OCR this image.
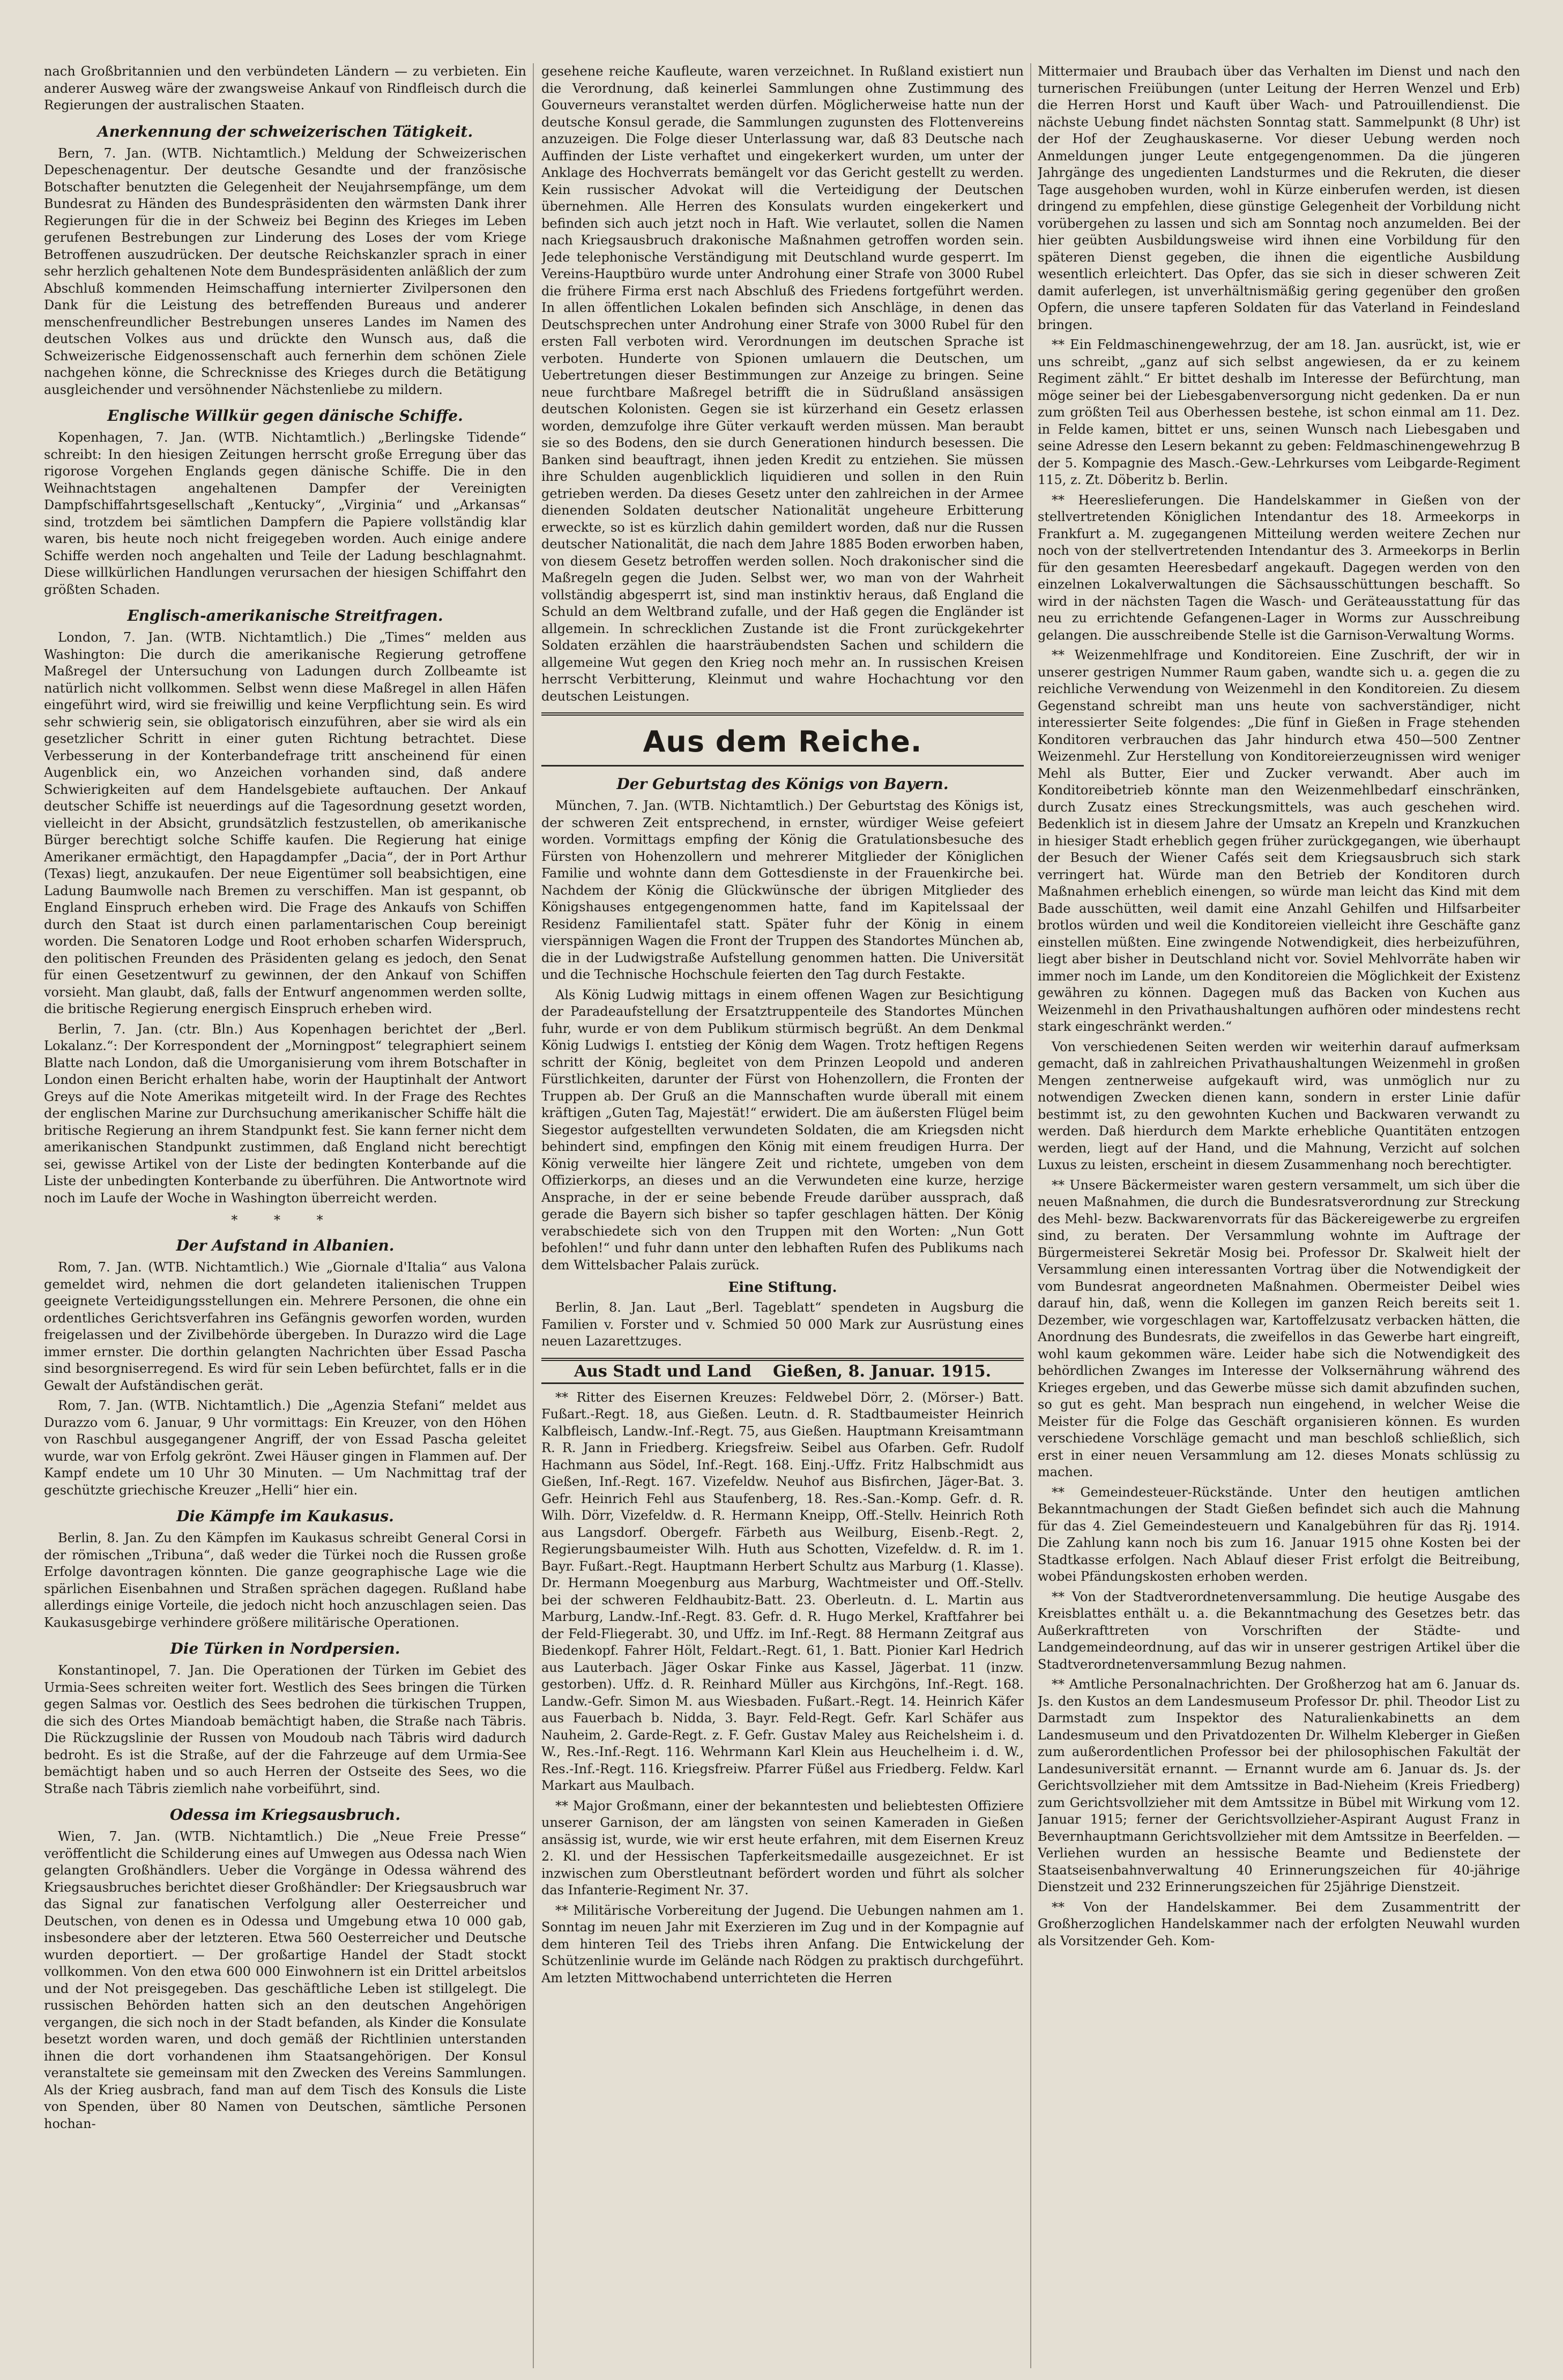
nach Großbritannien und den verbündeten Ländern — zu verbieten. Ein anderer Ausweg wäre der zwangsweise Ankauf von Rindfleisch durch die Regierungen der australischen Staaten.

Anerkennung der schweizerischen Tätigkeit.

Bern, 7. Jan. (WTB. Nichtamtlich.) Meldung der Schweizerischen Depeschenagentur. Der deutsche Gesandte und der französische Botschafter benutzten die Gelegenheit der Neujahrsempfänge, um dem Bundesrat zu Händen des Bundespräsidenten den wärmsten Dank ihrer Regierungen für die in der Schweiz bei Beginn des Krieges im Leben gerufenen Bestrebungen zur Linderung des Loses der vom Kriege Betroffenen auszudrücken. Der deutsche Reichskanzler sprach in einer sehr herzlich gehaltenen Note dem Bundespräsidenten anläßlich der zum Abschluß kommenden Heimschaffung internierter Zivilpersonen den Dank für die Leistung des betreffenden Bureaus und anderer menschenfreundlicher Bestrebungen unseres Landes im Namen des deutschen Volkes aus und drückte den Wunsch aus, daß die Schweizerische Eidgenossenschaft auch fernerhin dem schönen Ziele nachgehen könne, die Schrecknisse des Krieges durch die Betätigung ausgleichender und versöhnender Nächstenliebe zu mildern.

Englische Willkür gegen dänische Schiffe.

Kopenhagen, 7. Jan. (WTB. Nichtamtlich.) „Berlingske Tidende“ schreibt: In den hiesigen Zeitungen herrscht große Erregung über das rigorose Vorgehen Englands gegen dänische Schiffe. Die in den Weihnachtstagen angehaltenen Dampfer der Vereinigten Dampfschiffahrtsgesellschaft „Kentucky“, „Virginia“ und „Arkansas“ sind, trotzdem bei sämtlichen Dampfern die Papiere vollständig klar waren, bis heute noch nicht freigegeben worden. Auch einige andere Schiffe werden noch angehalten und Teile der Ladung beschlagnahmt. Diese willkürlichen Handlungen verursachen der hiesigen Schiffahrt den größten Schaden.

Englisch-amerikanische Streitfragen.

London, 7. Jan. (WTB. Nichtamtlich.) Die „Times“ melden aus Washington: Die durch die amerikanische Regierung getroffene Maßregel der Untersuchung von Ladungen durch Zollbeamte ist natürlich nicht vollkommen. Selbst wenn diese Maßregel in allen Häfen eingeführt wird, wird sie freiwillig und keine Verpflichtung sein. Es wird sehr schwierig sein, sie obligatorisch einzuführen, aber sie wird als ein gesetzlicher Schritt in einer guten Richtung betrachtet. Diese Verbesserung in der Konterbandefrage tritt anscheinend für einen Augenblick ein, wo Anzeichen vorhanden sind, daß andere Schwierigkeiten auf dem Handelsgebiete auftauchen. Der Ankauf deutscher Schiffe ist neuerdings auf die Tagesordnung gesetzt worden, vielleicht in der Absicht, grundsätzlich festzustellen, ob amerikanische Bürger berechtigt solche Schiffe kaufen. Die Regierung hat einige Amerikaner ermächtigt, den Hapagdampfer „Dacia“, der in Port Arthur (Texas) liegt, anzukaufen. Der neue Eigentümer soll beabsichtigen, eine Ladung Baumwolle nach Bremen zu verschiffen. Man ist gespannt, ob England Einspruch erheben wird. Die Frage des Ankaufs von Schiffen durch den Staat ist durch einen parlamentarischen Coup bereinigt worden. Die Senatoren Lodge und Root erhoben scharfen Widerspruch, den politischen Freunden des Präsidenten gelang es jedoch, den Senat für einen Gesetzentwurf zu gewinnen, der den Ankauf von Schiffen vorsieht. Man glaubt, daß, falls der Entwurf angenommen werden sollte, die britische Regierung energisch Einspruch erheben wird.

Berlin, 7. Jan. (ctr. Bln.) Aus Kopenhagen berichtet der „Berl. Lokalanz.“: Der Korrespondent der „Morningpost“ telegraphiert seinem Blatte nach London, daß die Umorganisierung vom ihrem Botschafter in London einen Bericht erhalten habe, worin der Hauptinhalt der Antwort Greys auf die Note Amerikas mitgeteilt wird. In der Frage des Rechtes der englischen Marine zur Durchsuchung amerikanischer Schiffe hält die britische Regierung an ihrem Standpunkt fest. Sie kann ferner nicht dem amerikanischen Standpunkt zustimmen, daß England nicht berechtigt sei, gewisse Artikel von der Liste der bedingten Konterbande auf die Liste der unbedingten Konterbande zu überführen. Die Antwortnote wird noch im Laufe der Woche in Washington überreicht werden.

* * *
Der Aufstand in Albanien.

Rom, 7. Jan. (WTB. Nichtamtlich.) Wie „Giornale d'Italia“ aus Valona gemeldet wird, nehmen die dort gelandeten italienischen Truppen geeignete Verteidigungsstellungen ein. Mehrere Personen, die ohne ein ordentliches Gerichtsverfahren ins Gefängnis geworfen worden, wurden freigelassen und der Zivilbehörde übergeben. In Durazzo wird die Lage immer ernster. Die dorthin gelangten Nachrichten über Essad Pascha sind besorgniserregend. Es wird für sein Leben befürchtet, falls er in die Gewalt der Aufständischen gerät.

Rom, 7. Jan. (WTB. Nichtamtlich.) Die „Agenzia Stefani“ meldet aus Durazzo vom 6. Januar, 9 Uhr vormittags: Ein Kreuzer, von den Höhen von Raschbul ausgegangener Angriff, der von Essad Pascha geleitet wurde, war von Erfolg gekrönt. Zwei Häuser gingen in Flammen auf. Der Kampf endete um 10 Uhr 30 Minuten. — Um Nachmittag traf der geschützte griechische Kreuzer „Helli“ hier ein.

Die Kämpfe im Kaukasus.

Berlin, 8. Jan. Zu den Kämpfen im Kaukasus schreibt General Corsi in der römischen „Tribuna“, daß weder die Türkei noch die Russen große Erfolge davontragen könnten. Die ganze geographische Lage wie die spärlichen Eisenbahnen und Straßen sprächen dagegen. Rußland habe allerdings einige Vorteile, die jedoch nicht hoch anzuschlagen seien. Das Kaukasusgebirge verhindere größere militärische Operationen.

Die Türken in Nordpersien.

Konstantinopel, 7. Jan. Die Operationen der Türken im Gebiet des Urmia-Sees schreiten weiter fort. Westlich des Sees bringen die Türken gegen Salmas vor. Oestlich des Sees bedrohen die türkischen Truppen, die sich des Ortes Miandoab bemächtigt haben, die Straße nach Täbris. Die Rückzugslinie der Russen von Moudoub nach Täbris wird dadurch bedroht. Es ist die Straße, auf der die Fahrzeuge auf dem Urmia-See bemächtigt haben und so auch Herren der Ostseite des Sees, wo die Straße nach Täbris ziemlich nahe vorbeiführt, sind.

Odessa im Kriegsausbruch.

Wien, 7. Jan. (WTB. Nichtamtlich.) Die „Neue Freie Presse“ veröffentlicht die Schilderung eines auf Umwegen aus Odessa nach Wien gelangten Großhändlers. Ueber die Vorgänge in Odessa während des Kriegsausbruches berichtet dieser Großhändler: Der Kriegsausbruch war das Signal zur fanatischen Verfolgung aller Oesterreicher und Deutschen, von denen es in Odessa und Umgebung etwa 10 000 gab, insbesondere aber der letzteren. Etwa 560 Oesterreicher und Deutsche wurden deportiert. — Der großartige Handel der Stadt stockt vollkommen. Von den etwa 600 000 Einwohnern ist ein Drittel arbeitslos und der Not preisgegeben. Das geschäftliche Leben ist stillgelegt. Die russischen Behörden hatten sich an den deutschen Angehörigen vergangen, die sich noch in der Stadt befanden, als Kinder die Konsulate besetzt worden waren, und doch gemäß der Richtlinien unterstanden ihnen die dort vorhandenen ihm Staatsangehörigen. Der Konsul veranstaltete sie gemeinsam mit den Zwecken des Vereins Sammlungen. Als der Krieg ausbrach, fand man auf dem Tisch des Konsuls die Liste von Spenden, über 80 Namen von Deutschen, sämtliche Personen hochan-

gesehene reiche Kaufleute, waren verzeichnet. In Rußland existiert nun die Verordnung, daß keinerlei Sammlungen ohne Zustimmung des Gouverneurs veranstaltet werden dürfen. Möglicherweise hatte nun der deutsche Konsul gerade, die Sammlungen zugunsten des Flottenvereins anzuzeigen. Die Folge dieser Unterlassung war, daß 83 Deutsche nach Auffinden der Liste verhaftet und eingekerkert wurden, um unter der Anklage des Hochverrats bemängelt vor das Gericht gestellt zu werden. Kein russischer Advokat will die Verteidigung der Deutschen übernehmen. Alle Herren des Konsulats wurden eingekerkert und befinden sich auch jetzt noch in Haft. Wie verlautet, sollen die Namen nach Kriegsausbruch drakonische Maßnahmen getroffen worden sein. Jede telephonische Verständigung mit Deutschland wurde gesperrt. Im Vereins-Hauptbüro wurde unter Androhung einer Strafe von 3000 Rubel die frühere Firma erst nach Abschluß des Friedens fortgeführt werden. In allen öffentlichen Lokalen befinden sich Anschläge, in denen das Deutschsprechen unter Androhung einer Strafe von 3000 Rubel für den ersten Fall verboten wird. Verordnungen im deutschen Sprache ist verboten. Hunderte von Spionen umlauern die Deutschen, um Uebertretungen dieser Bestimmungen zur Anzeige zu bringen. Seine neue furchtbare Maßregel betrifft die in Südrußland ansässigen deutschen Kolonisten. Gegen sie ist kürzerhand ein Gesetz erlassen worden, demzufolge ihre Güter verkauft werden müssen. Man beraubt sie so des Bodens, den sie durch Generationen hindurch besessen. Die Banken sind beauftragt, ihnen jeden Kredit zu entziehen. Sie müssen ihre Schulden augenblicklich liquidieren und sollen in den Ruin getrieben werden. Da dieses Gesetz unter den zahlreichen in der Armee dienenden Soldaten deutscher Nationalität ungeheure Erbitterung erweckte, so ist es kürzlich dahin gemildert worden, daß nur die Russen deutscher Nationalität, die nach dem Jahre 1885 Boden erworben haben, von diesem Gesetz betroffen werden sollen. Noch drakonischer sind die Maßregeln gegen die Juden. Selbst wer, wo man von der Wahrheit vollständig abgesperrt ist, sind man instinktiv heraus, daß England die Schuld an dem Weltbrand zufalle, und der Haß gegen die Engländer ist allgemein. In schrecklichen Zustande ist die Front zurückgekehrter Soldaten erzählen die haarsträubendsten Sachen und schildern die allgemeine Wut gegen den Krieg noch mehr an. In russischen Kreisen herrscht Verbitterung, Kleinmut und wahre Hochachtung vor den deutschen Leistungen.

Aus dem Reiche.
Der Geburtstag des Königs von Bayern.

München, 7. Jan. (WTB. Nichtamtlich.) Der Geburtstag des Königs ist, der schweren Zeit entsprechend, in ernster, würdiger Weise gefeiert worden. Vormittags empfing der König die Gratulationsbesuche des Fürsten von Hohenzollern und mehrerer Mitglieder der Königlichen Familie und wohnte dann dem Gottesdienste in der Frauenkirche bei. Nachdem der König die Glückwünsche der übrigen Mitglieder des Königshauses entgegengenommen hatte, fand im Kapitelssaal der Residenz Familientafel statt. Später fuhr der König in einem vierspännigen Wagen die Front der Truppen des Standortes München ab, die in der Ludwigstraße Aufstellung genommen hatten. Die Universität und die Technische Hochschule feierten den Tag durch Festakte.

Als König Ludwig mittags in einem offenen Wagen zur Besichtigung der Paradeaufstellung der Ersatztruppenteile des Standortes München fuhr, wurde er von dem Publikum stürmisch begrüßt. An dem Denkmal König Ludwigs I. entstieg der König dem Wagen. Trotz heftigen Regens schritt der König, begleitet von dem Prinzen Leopold und anderen Fürstlichkeiten, darunter der Fürst von Hohenzollern, die Fronten der Truppen ab. Der Gruß an die Mannschaften wurde überall mit einem kräftigen „Guten Tag, Majestät!“ erwidert. Die am äußersten Flügel beim Siegestor aufgestellten verwundeten Soldaten, die am Kriegsden nicht behindert sind, empfingen den König mit einem freudigen Hurra. Der König verweilte hier längere Zeit und richtete, umgeben von dem Offizierkorps, an dieses und an die Verwundeten eine kurze, herzige Ansprache, in der er seine bebende Freude darüber aussprach, daß gerade die Bayern sich bisher so tapfer geschlagen hätten. Der König verabschiedete sich von den Truppen mit den Worten: „Nun Gott befohlen!“ und fuhr dann unter den lebhaften Rufen des Publikums nach dem Wittelsbacher Palais zurück.

Eine Stiftung.

Berlin, 8. Jan. Laut „Berl. Tageblatt“ spendeten in Augsburg die Familien v. Forster und v. Schmied 50 000 Mark zur Ausrüstung eines neuen Lazarettzuges.

Aus Stadt und Land Gießen, 8. Januar. 1915.

** Ritter des Eisernen Kreuzes: Feldwebel Dörr, 2. (Mörser-) Batt. Fußart.-Regt. 18, aus Gießen. Leutn. d. R. Stadtbaumeister Heinrich Kalbfleisch, Landw.-Inf.-Regt. 75, aus Gießen. Hauptmann Kreisamtmann R. R. Jann in Friedberg. Kriegsfreiw. Seibel aus Ofarben. Gefr. Rudolf Hachmann aus Södel, Inf.-Regt. 168. Einj.-Uffz. Fritz Halbschmidt aus Gießen, Inf.-Regt. 167. Vizefeldw. Neuhof aus Bisfirchen, Jäger-Bat. 3. Gefr. Heinrich Fehl aus Staufenberg, 18. Res.-San.-Komp. Gefr. d. R. Wilh. Dörr, Vizefeldw. d. R. Hermann Kneipp, Off.-Stellv. Heinrich Roth aus Langsdorf. Obergefr. Färbeth aus Weilburg, Eisenb.-Regt. 2, Regierungsbaumeister Wilh. Huth aus Schotten, Vizefeldw. d. R. im 1. Bayr. Fußart.-Regt. Hauptmann Herbert Schultz aus Marburg (1. Klasse). Dr. Hermann Moegenburg aus Marburg, Wachtmeister und Off.-Stellv. bei der schweren Feldhaubitz-Batt. 23. Oberleutn. d. L. Martin aus Marburg, Landw.-Inf.-Regt. 83. Gefr. d. R. Hugo Merkel, Kraftfahrer bei der Feld-Fliegerabt. 30, und Uffz. im Inf.-Regt. 88 Hermann Zeitgraf aus Biedenkopf. Fahrer Hölt, Feldart.-Regt. 61, 1. Batt. Pionier Karl Hedrich aus Lauterbach. Jäger Oskar Finke aus Kassel, Jägerbat. 11 (inzw. gestorben). Uffz. d. R. Reinhard Müller aus Kirchgöns, Inf.-Regt. 168. Landw.-Gefr. Simon M. aus Wiesbaden. Fußart.-Regt. 14. Heinrich Käfer aus Fauerbach b. Nidda, 3. Bayr. Feld-Regt. Gefr. Karl Schäfer aus Nauheim, 2. Garde-Regt. z. F. Gefr. Gustav Maley aus Reichelsheim i. d. W., Res.-Inf.-Regt. 116. Wehrmann Karl Klein aus Heuchelheim i. d. W., Res.-Inf.-Regt. 116. Kriegsfreiw. Pfarrer Füßel aus Friedberg. Feldw. Karl Markart aus Maulbach.

** Major Großmann, einer der bekanntesten und beliebtesten Offiziere unserer Garnison, der am längsten von seinen Kameraden in Gießen ansässig ist, wurde, wie wir erst heute erfahren, mit dem Eisernen Kreuz 2. Kl. und der Hessischen Tapferkeitsmedaille ausgezeichnet. Er ist inzwischen zum Oberstleutnant befördert worden und führt als solcher das Infanterie-Regiment Nr. 37.

** Militärische Vorbereitung der Jugend. Die Uebungen nahmen am 1. Sonntag im neuen Jahr mit Exerzieren im Zug und in der Kompagnie auf dem hinteren Teil des Triebs ihren Anfang. Die Entwickelung der Schützenlinie wurde im Gelände nach Rödgen zu praktisch durchgeführt. Am letzten Mittwochabend unterrichteten die Herren

Mittermaier und Braubach über das Verhalten im Dienst und nach den turnerischen Freiübungen (unter Leitung der Herren Wenzel und Erb) die Herren Horst und Kauft über Wach- und Patrouillendienst. Die nächste Uebung findet nächsten Sonntag statt. Sammelpunkt (8 Uhr) ist der Hof der Zeughauskaserne. Vor dieser Uebung werden noch Anmeldungen junger Leute entgegengenommen. Da die jüngeren Jahrgänge des ungedienten Landsturmes und die Rekruten, die dieser Tage ausgehoben wurden, wohl in Kürze einberufen werden, ist diesen dringend zu empfehlen, diese günstige Gelegenheit der Vorbildung nicht vorübergehen zu lassen und sich am Sonntag noch anzumelden. Bei der hier geübten Ausbildungsweise wird ihnen eine Vorbildung für den späteren Dienst gegeben, die ihnen die eigentliche Ausbildung wesentlich erleichtert. Das Opfer, das sie sich in dieser schweren Zeit damit auferlegen, ist unverhältnismäßig gering gegenüber den großen Opfern, die unsere tapferen Soldaten für das Vaterland in Feindesland bringen.

** Ein Feldmaschinengewehrzug, der am 18. Jan. ausrückt, ist, wie er uns schreibt, „ganz auf sich selbst angewiesen, da er zu keinem Regiment zählt.“ Er bittet deshalb im Interesse der Befürchtung, man möge seiner bei der Liebesgabenversorgung nicht gedenken. Da er nun zum größten Teil aus Oberhessen bestehe, ist schon einmal am 11. Dez. in Felde kamen, bittet er uns, seinen Wunsch nach Liebesgaben und seine Adresse den Lesern bekannt zu geben: Feldmaschinengewehrzug B der 5. Kompagnie des Masch.-Gew.-Lehrkurses vom Leibgarde-Regiment 115, z. Zt. Döberitz b. Berlin.

** Heereslieferungen. Die Handelskammer in Gießen von der stellvertretenden Königlichen Intendantur des 18. Armeekorps in Frankfurt a. M. zugegangenen Mitteilung werden weitere Zechen nur noch von der stellvertretenden Intendantur des 3. Armeekorps in Berlin für den gesamten Heeresbedarf angekauft. Dagegen werden von den einzelnen Lokalverwaltungen die Sächsausschüttungen beschafft. So wird in der nächsten Tagen die Wasch- und Geräteausstattung für das neu zu errichtende Gefangenen-Lager in Worms zur Ausschreibung gelangen. Die ausschreibende Stelle ist die Garnison-Verwaltung Worms.

** Weizenmehlfrage und Konditoreien. Eine Zuschrift, der wir in unserer gestrigen Nummer Raum gaben, wandte sich u. a. gegen die zu reichliche Verwendung von Weizenmehl in den Konditoreien. Zu diesem Gegenstand schreibt man uns heute von sachverständiger, nicht interessierter Seite folgendes: „Die fünf in Gießen in Frage stehenden Konditoren verbrauchen das Jahr hindurch etwa 450—500 Zentner Weizenmehl. Zur Herstellung von Konditoreierzeugnissen wird weniger Mehl als Butter, Eier und Zucker verwandt. Aber auch im Konditoreibetrieb könnte man den Weizenmehlbedarf einschränken, durch Zusatz eines Streckungsmittels, was auch geschehen wird. Bedenklich ist in diesem Jahre der Umsatz an Krepeln und Kranzkuchen in hiesiger Stadt erheblich gegen früher zurückgegangen, wie überhaupt der Besuch der Wiener Cafés seit dem Kriegsausbruch sich stark verringert hat. Würde man den Betrieb der Konditoren durch Maßnahmen erheblich einengen, so würde man leicht das Kind mit dem Bade ausschütten, weil damit eine Anzahl Gehilfen und Hilfsarbeiter brotlos würden und weil die Konditoreien vielleicht ihre Geschäfte ganz einstellen müßten. Eine zwingende Notwendigkeit, dies herbeizuführen, liegt aber bisher in Deutschland nicht vor. Soviel Mehlvorräte haben wir immer noch im Lande, um den Konditoreien die Möglichkeit der Existenz gewähren zu können. Dagegen muß das Backen von Kuchen aus Weizenmehl in den Privathaushaltungen aufhören oder mindestens recht stark eingeschränkt werden.“

Von verschiedenen Seiten werden wir weiterhin darauf aufmerksam gemacht, daß in zahlreichen Privathaushaltungen Weizenmehl in großen Mengen zentnerweise aufgekauft wird, was unmöglich nur zu notwendigen Zwecken dienen kann, sondern in erster Linie dafür bestimmt ist, zu den gewohnten Kuchen und Backwaren verwandt zu werden. Daß hierdurch dem Markte erhebliche Quantitäten entzogen werden, liegt auf der Hand, und die Mahnung, Verzicht auf solchen Luxus zu leisten, erscheint in diesem Zusammenhang noch berechtigter.

** Unsere Bäckermeister waren gestern versammelt, um sich über die neuen Maßnahmen, die durch die Bundesratsverordnung zur Streckung des Mehl- bezw. Backwarenvorrats für das Bäckereigewerbe zu ergreifen sind, zu beraten. Der Versammlung wohnte im Auftrage der Bürgermeisterei Sekretär Mosig bei. Professor Dr. Skalweit hielt der Versammlung einen interessanten Vortrag über die Notwendigkeit der vom Bundesrat angeordneten Maßnahmen. Obermeister Deibel wies darauf hin, daß, wenn die Kollegen im ganzen Reich bereits seit 1. Dezember, wie vorgeschlagen war, Kartoffelzusatz verbacken hätten, die Anordnung des Bundesrats, die zweifellos in das Gewerbe hart eingreift, wohl kaum gekommen wäre. Leider habe sich die Notwendigkeit des behördlichen Zwanges im Interesse der Volksernährung während des Krieges ergeben, und das Gewerbe müsse sich damit abzufinden suchen, so gut es geht. Man besprach nun eingehend, in welcher Weise die Meister für die Folge das Geschäft organisieren können. Es wurden verschiedene Vorschläge gemacht und man beschloß schließlich, sich erst in einer neuen Versammlung am 12. dieses Monats schlüssig zu machen.

** Gemeindesteuer-Rückstände. Unter den heutigen amtlichen Bekanntmachungen der Stadt Gießen befindet sich auch die Mahnung für das 4. Ziel Gemeindesteuern und Kanalgebühren für das Rj. 1914. Die Zahlung kann noch bis zum 16. Januar 1915 ohne Kosten bei der Stadtkasse erfolgen. Nach Ablauf dieser Frist erfolgt die Beitreibung, wobei Pfändungskosten erhoben werden.

** Von der Stadtverordnetenversammlung. Die heutige Ausgabe des Kreisblattes enthält u. a. die Bekanntmachung des Gesetzes betr. das Außerkrafttreten von Vorschriften der Städte- und Landgemeindeordnung, auf das wir in unserer gestrigen Artikel über die Stadtverordnetenversammlung Bezug nahmen.

** Amtliche Personalnachrichten. Der Großherzog hat am 6. Januar ds. Js. den Kustos an dem Landesmuseum Professor Dr. phil. Theodor List zu Darmstadt zum Inspektor des Naturalienkabinetts an dem Landesmuseum und den Privatdozenten Dr. Wilhelm Kleberger in Gießen zum außerordentlichen Professor bei der philosophischen Fakultät der Landesuniversität ernannt. — Ernannt wurde am 6. Januar ds. Js. der Gerichtsvollzieher mit dem Amtssitze in Bad-Nieheim (Kreis Friedberg) zum Gerichtsvollzieher mit dem Amtssitze in Bübel mit Wirkung vom 12. Januar 1915; ferner der Gerichtsvollzieher-Aspirant August Franz in Bevernhauptmann Gerichtsvollzieher mit dem Amtssitze in Beerfelden. — Verliehen wurden an hessische Beamte und Bedienstete der Staatseisenbahnverwaltung 40 Erinnerungszeichen für 40-jährige Dienstzeit und 232 Erinnerungszeichen für 25jährige Dienstzeit.

** Von der Handelskammer. Bei dem Zusammentritt der Großherzoglichen Handelskammer nach der erfolgten Neuwahl wurden als Vorsitzender Geh. Kom-
